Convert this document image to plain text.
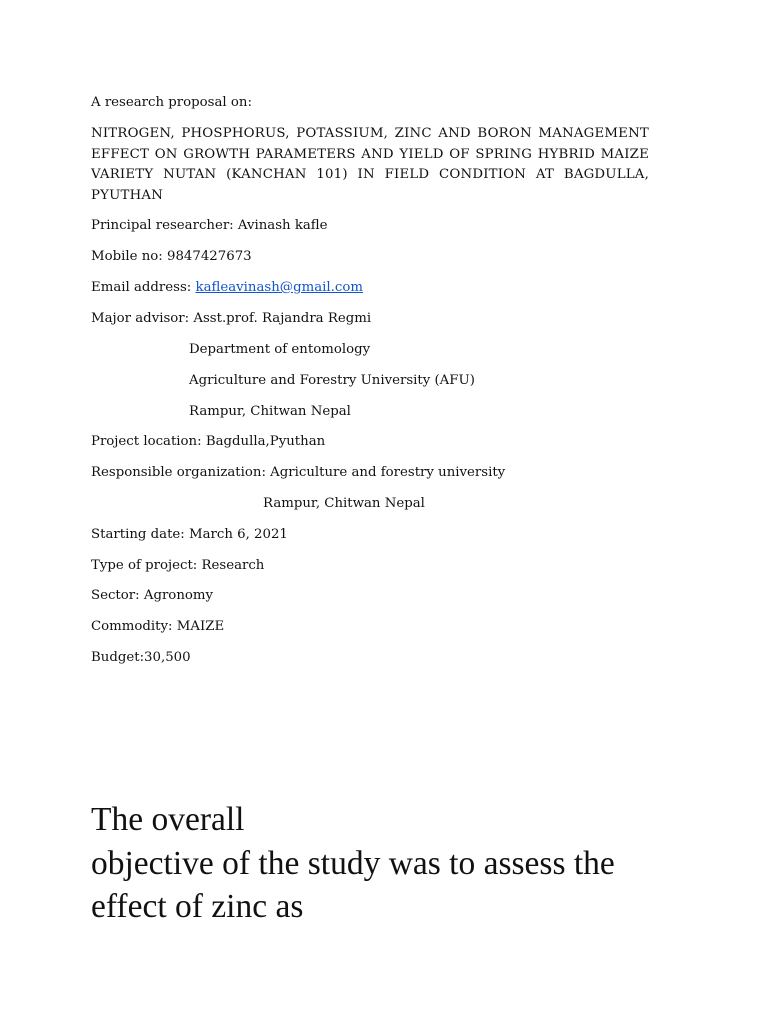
A research proposal on:
NITROGEN, PHOSPHORUS, POTASSIUM, ZINC AND BORON MANAGEMENT EFFECT ON GROWTH PARAMETERS AND YIELD OF SPRING HYBRID MAIZE VARIETY NUTAN (KANCHAN 101) IN FIELD CONDITION AT BAGDULLA, PYUTHAN
Principal researcher: Avinash kafle
Mobile no: 9847427673
Email address: kafleavinash@gmail.com
Major advisor: Asst.prof. Rajandra Regmi
Department of entomology
Agriculture and Forestry University (AFU)
Rampur, Chitwan Nepal
Project location: Bagdulla,Pyuthan
Responsible organization: Agriculture and forestry university
Rampur, Chitwan Nepal
Starting date: March 6, 2021
Type of project: Research
Sector: Agronomy
Commodity: MAIZE
Budget:30,500
The overall
objective of the study was to assess the
effect of zinc as
